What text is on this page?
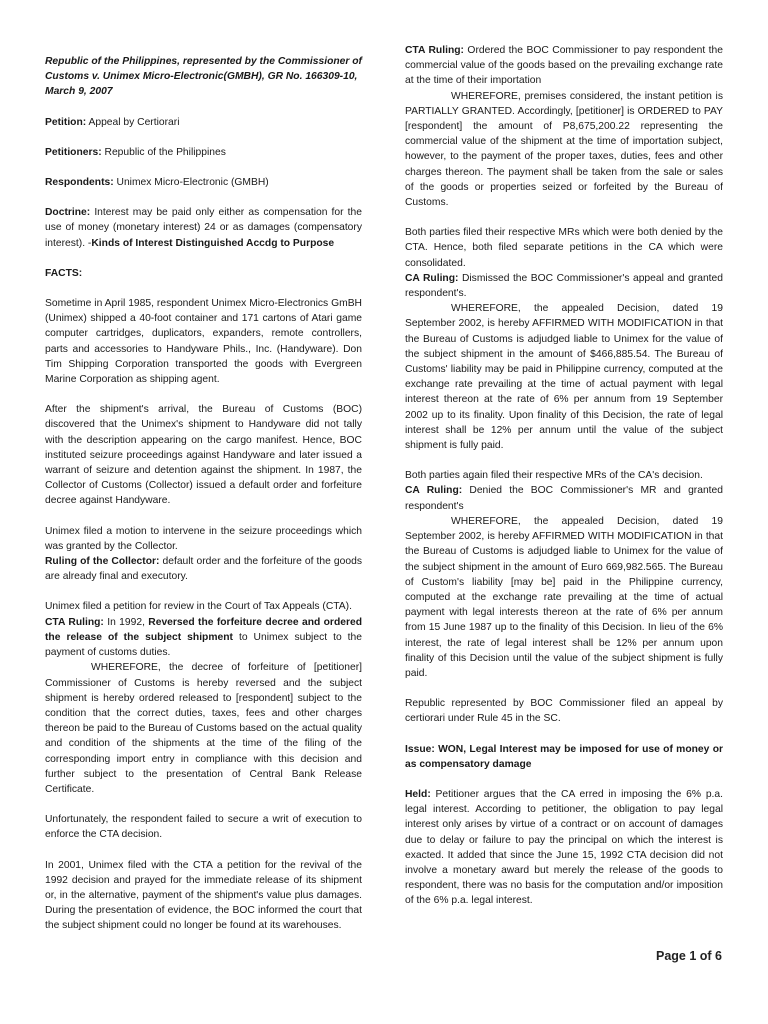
Republic of the Philippines, represented by the Commissioner of Customs v. Unimex Micro-Electronic(GMBH), GR No. 166309-10, March 9, 2007

Petition: Appeal by Certiorari

Petitioners: Republic of the Philippines

Respondents: Unimex Micro-Electronic (GMBH)

Doctrine: Interest may be paid only either as compensation for the use of money (monetary interest) 24 or as damages (compensatory interest). -Kinds of Interest Distinguished Accdg to Purpose

FACTS:

Sometime in April 1985, respondent Unimex Micro-Electronics GmBH (Unimex) shipped a 40-foot container and 171 cartons of Atari game computer cartridges, duplicators, expanders, remote controllers, parts and accessories to Handyware Phils., Inc. (Handyware). Don Tim Shipping Corporation transported the goods with Evergreen Marine Corporation as shipping agent.

After the shipment's arrival, the Bureau of Customs (BOC) discovered that the Unimex's shipment to Handyware did not tally with the description appearing on the cargo manifest. Hence, BOC instituted seizure proceedings against Handyware and later issued a warrant of seizure and detention against the shipment. In 1987, the Collector of Customs (Collector) issued a default order and forfeiture decree against Handyware.

Unimex filed a motion to intervene in the seizure proceedings which was granted by the Collector.

Ruling of the Collector: default order and the forfeiture of the goods are already final and executory.

Unimex filed a petition for review in the Court of Tax Appeals (CTA).

CTA Ruling: In 1992, Reversed the forfeiture decree and ordered the release of the subject shipment to Unimex subject to the payment of customs duties.

WHEREFORE, the decree of forfeiture of [petitioner] Commissioner of Customs is hereby reversed and the subject shipment is hereby ordered released to [respondent] subject to the condition that the correct duties, taxes, fees and other charges thereon be paid to the Bureau of Customs based on the actual quality and condition of the shipments at the time of the filing of the corresponding import entry in compliance with this decision and further subject to the presentation of Central Bank Release Certificate.

Unfortunately, the respondent failed to secure a writ of execution to enforce the CTA decision.

In 2001, Unimex filed with the CTA a petition for the revival of the 1992 decision and prayed for the immediate release of its shipment or, in the alternative, payment of the shipment's value plus damages. During the presentation of evidence, the BOC informed the court that the subject shipment could no longer be found at its warehouses.

CTA Ruling: Ordered the BOC Commissioner to pay respondent the commercial value of the goods based on the prevailing exchange rate at the time of their importation

WHEREFORE, premises considered, the instant petition is PARTIALLY GRANTED. Accordingly, [petitioner] is ORDERED to PAY [respondent] the amount of P8,675,200.22 representing the commercial value of the shipment at the time of importation subject, however, to the payment of the proper taxes, duties, fees and other charges thereon. The payment shall be taken from the sale or sales of the goods or properties seized or forfeited by the Bureau of Customs.

Both parties filed their respective MRs which were both denied by the CTA. Hence, both filed separate petitions in the CA which were consolidated.

CA Ruling: Dismissed the BOC Commissioner's appeal and granted respondent's.

WHEREFORE, the appealed Decision, dated 19 September 2002, is hereby AFFIRMED WITH MODIFICATION in that the Bureau of Customs is adjudged liable to Unimex for the value of the subject shipment in the amount of $466,885.54. The Bureau of Customs' liability may be paid in Philippine currency, computed at the exchange rate prevailing at the time of actual payment with legal interest thereon at the rate of 6% per annum from 19 September 2002 up to its finality. Upon finality of this Decision, the rate of legal interest shall be 12% per annum until the value of the subject shipment is fully paid.

Both parties again filed their respective MRs of the CA's decision.

CA Ruling: Denied the BOC Commissioner's MR and granted respondent's

WHEREFORE, the appealed Decision, dated 19 September 2002, is hereby AFFIRMED WITH MODIFICATION in that the Bureau of Customs is adjudged liable to Unimex for the value of the subject shipment in the amount of Euro 669,982.565. The Bureau of Custom's liability [may be] paid in the Philippine currency, computed at the exchange rate prevailing at the time of actual payment with legal interests thereon at the rate of 6% per annum from 15 June 1987 up to the finality of this Decision. In lieu of the 6% interest, the rate of legal interest shall be 12% per annum upon finality of this Decision until the value of the subject shipment is fully paid.

Republic represented by BOC Commissioner filed an appeal by certiorari under Rule 45 in the SC.

Issue: WON, Legal Interest may be imposed for use of money or as compensatory damage

Held: Petitioner argues that the CA erred in imposing the 6% p.a. legal interest. According to petitioner, the obligation to pay legal interest only arises by virtue of a contract or on account of damages due to delay or failure to pay the principal on which the interest is exacted. It added that since the June 15, 1992 CTA decision did not involve a monetary award but merely the release of the goods to respondent, there was no basis for the computation and/or imposition of the 6% p.a. legal interest.

Page 1 of 6
